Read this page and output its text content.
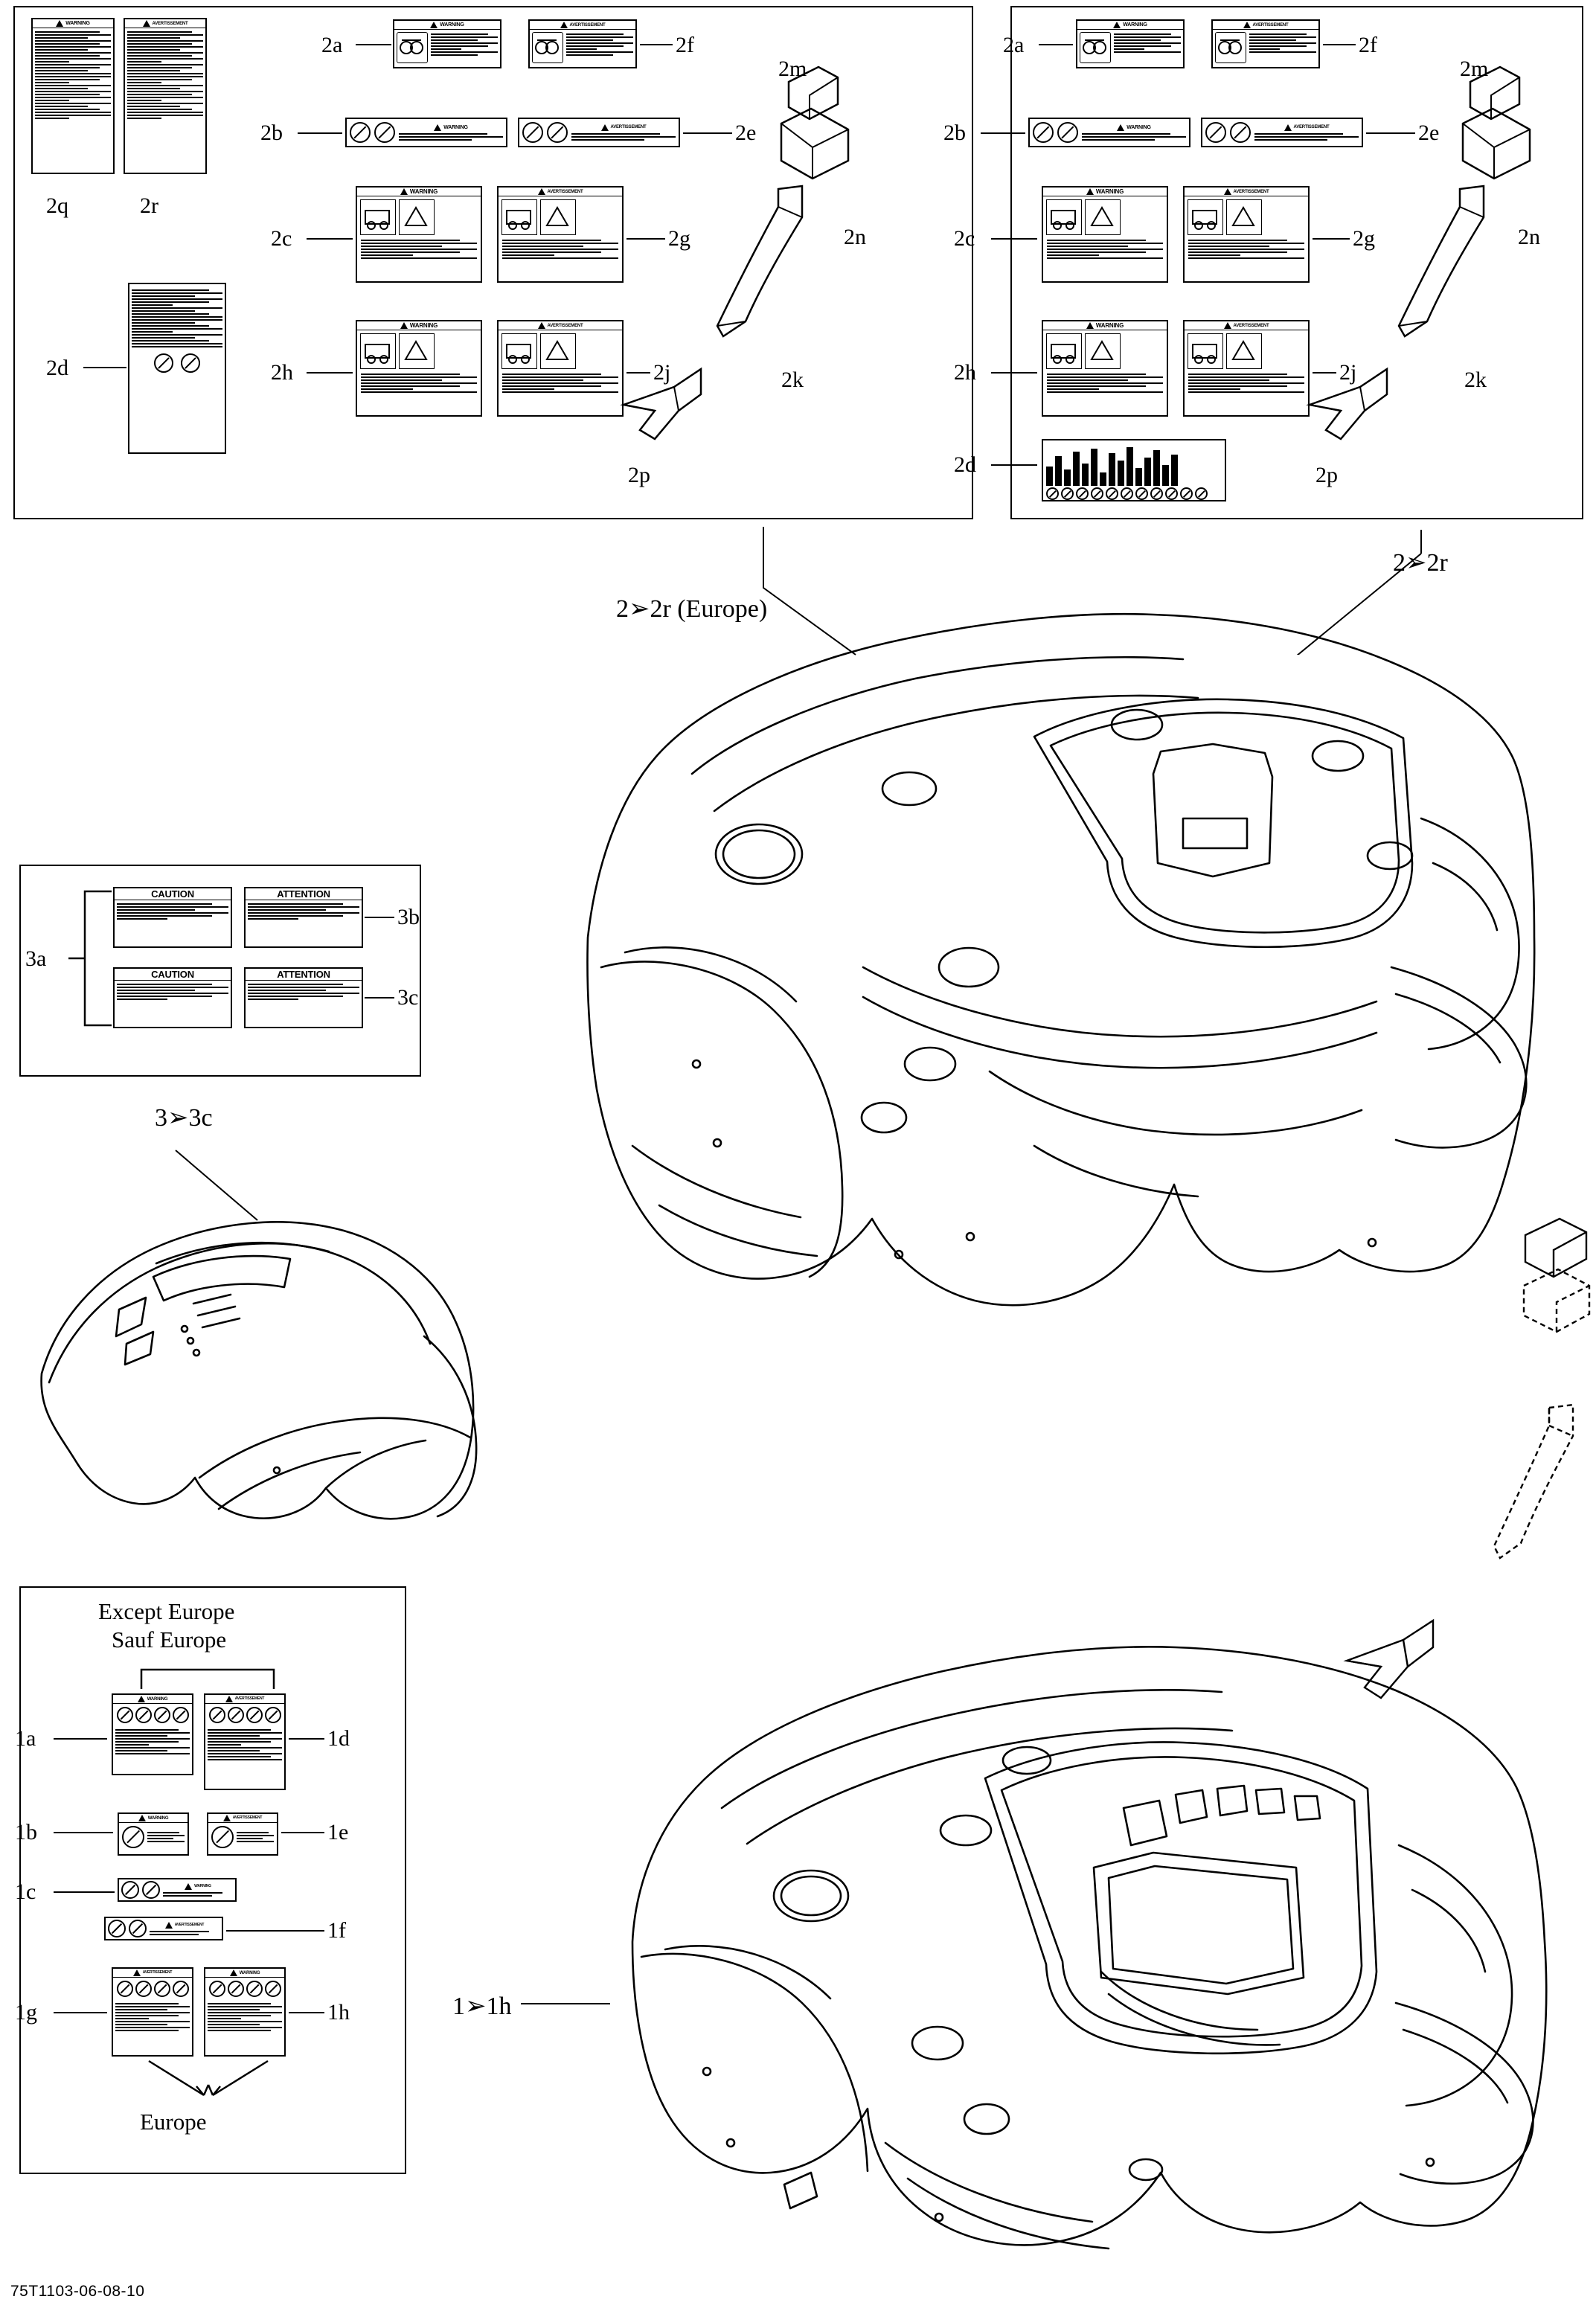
WARNING
2q
AVERTISSEMENT
2r
2d
WARNING
2a
AVERTISSEMENT
2f
WARNING
2b	AVERTISSEMENT	2e
WARNING
2c
AVERTISSEMENT
2g
WARNING
2h
AVERTISSEMENT
2j
2m
2n
2k
2p
2➢2r (Europe)
WARNING
2a
AVERTISSEMENT
2f
WARNING
2b	AVERTISSEMENT	2e
WARNING
2c
AVERTISSEMENT
2g
WARNING
2h
AVERTISSEMENT
2j
2d
2m
2n
2k
2p
2➢2r
CAUTION	ATTENTION
3b
CAUTION	ATTENTION
3c
3a
3➢3c
Except Europe
Sauf Europe
WARNING
1a
AVERTISSEMENT
1d
WARNING
1b
AVERTISSEMENT
1e
WARNING
1c
AVERTISSEMENT	1f
AVERTISSEMENT
1g
WARNING
1h
Europe
1➢1h
75T1103-06-08-10
